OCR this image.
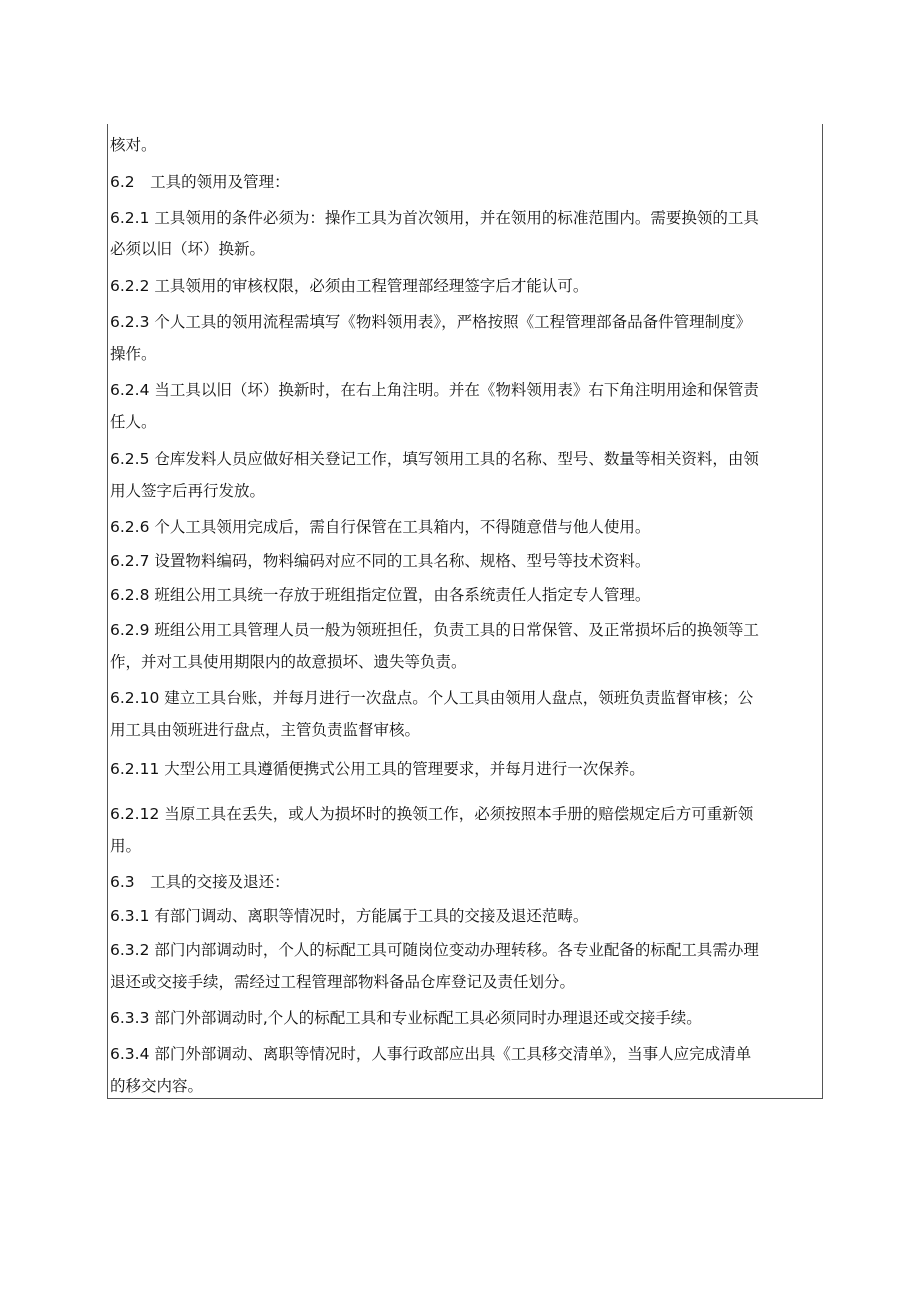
核对。
6.2　工具的领用及管理：
6.2.1 工具领用的条件必须为：操作工具为首次领用，并在领用的标准范围内。需要换领的工具
必须以旧（坏）换新。
6.2.2 工具领用的审核权限，必须由工程管理部经理签字后才能认可。
6.2.3 个人工具的领用流程需填写《物料领用表》，严格按照《工程管理部备品备件管理制度》
操作。
6.2.4 当工具以旧（坏）换新时，在右上角注明。并在《物料领用表》右下角注明用途和保管责
任人。
6.2.5 仓库发料人员应做好相关登记工作，填写领用工具的名称、型号、数量等相关资料，由领
用人签字后再行发放。
6.2.6 个人工具领用完成后，需自行保管在工具箱内，不得随意借与他人使用。
6.2.7 设置物料编码，物料编码对应不同的工具名称、规格、型号等技术资料。
6.2.8 班组公用工具统一存放于班组指定位置，由各系统责任人指定专人管理。
6.2.9 班组公用工具管理人员一般为领班担任，负责工具的日常保管、及正常损坏后的换领等工
作，并对工具使用期限内的故意损坏、遗失等负责。
6.2.10 建立工具台账，并每月进行一次盘点。个人工具由领用人盘点，领班负责监督审核；公
用工具由领班进行盘点，主管负责监督审核。
6.2.11 大型公用工具遵循便携式公用工具的管理要求，并每月进行一次保养。
6.2.12 当原工具在丢失，或人为损坏时的换领工作，必须按照本手册的赔偿规定后方可重新领
用。
6.3　工具的交接及退还：
6.3.1 有部门调动、离职等情况时，方能属于工具的交接及退还范畴。
6.3.2 部门内部调动时，个人的标配工具可随岗位变动办理转移。各专业配备的标配工具需办理
退还或交接手续，需经过工程管理部物料备品仓库登记及责任划分。
6.3.3 部门外部调动时,个人的标配工具和专业标配工具必须同时办理退还或交接手续。
6.3.4 部门外部调动、离职等情况时，人事行政部应出具《工具移交清单》，当事人应完成清单
的移交内容。
